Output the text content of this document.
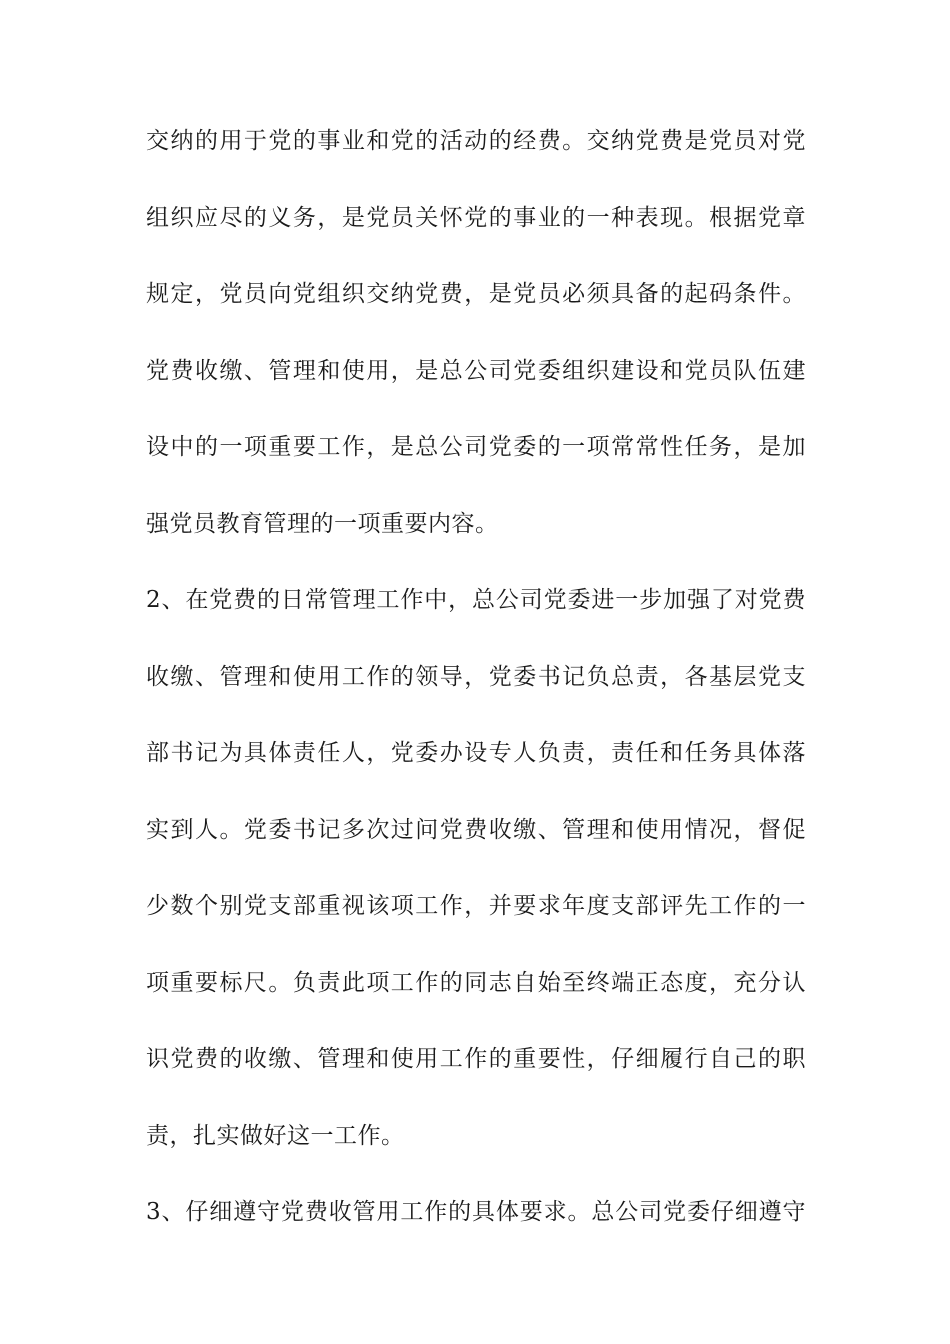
交纳的用于党的事业和党的活动的经费。交纳党费是党员对党
组织应尽的义务，是党员关怀党的事业的一种表现。根据党章
规定，党员向党组织交纳党费，是党员必须具备的起码条件。
党费收缴、管理和使用，是总公司党委组织建设和党员队伍建
设中的一项重要工作，是总公司党委的一项常常性任务，是加
强党员教育管理的一项重要内容。
2、在党费的日常管理工作中，总公司党委进一步加强了对党费
收缴、管理和使用工作的领导，党委书记负总责，各基层党支
部书记为具体责任人，党委办设专人负责，责任和任务具体落
实到人。党委书记多次过问党费收缴、管理和使用情况，督促
少数个别党支部重视该项工作，并要求年度支部评先工作的一
项重要标尺。负责此项工作的同志自始至终端正态度，充分认
识党费的收缴、管理和使用工作的重要性，仔细履行自己的职
责，扎实做好这一工作。
3、仔细遵守党费收管用工作的具体要求。总公司党委仔细遵守
